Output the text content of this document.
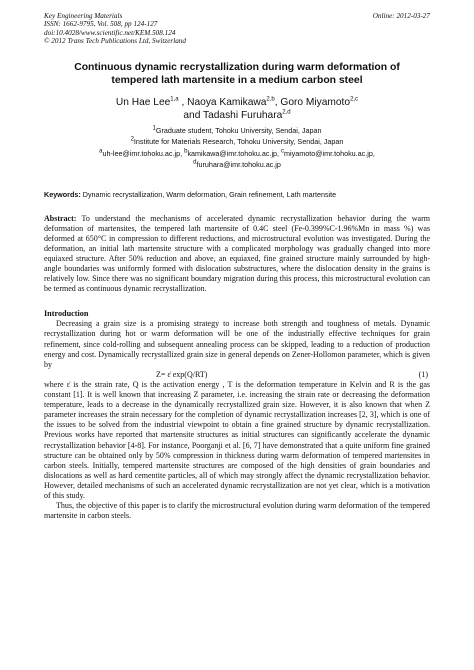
Key Engineering Materials
ISSN: 1662-9795, Vol. 508, pp 124-127
doi:10.4028/www.scientific.net/KEM.508.124
© 2012 Trans Tech Publications Ltd, Switzerland
Online: 2012-03-27
Continuous dynamic recrystallization during warm deformation of
tempered lath martensite in a medium carbon steel
Un Hae Lee$^{1,a}$ , Naoya Kamikawa$^{2,b}$, Goro Miyamoto$^{2,c}$
and Tadashi Furuhara$^{2,d}$
$^1$Graduate student, Tohoku University, Sendai, Japan
$^2$Institute for Materials Research, Tohoku University, Sendai, Japan
$^a$uh-lee@imr.tohoku.ac.jp, $^b$kamikawa@imr.tohoku.ac.jp, $^c$miyamoto@imr.tohoku.ac.jp,
$^d$furuhara@imr.tohoku.ac.jp
Keywords: Dynamic recrystallization, Warm deformation, Grain refinement, Lath martensite
Abstract: To understand the mechanisms of accelerated dynamic recrystallization behavior during the warm deformation of martensites, the tempered lath martensite of 0.4C steel (Fe-0.399%C-1.96%Mn in mass %) was deformed at 650°C in compression to different reductions, and microstructural evolution was investigated. During the deformation, an initial lath martensite structure with a complicated morphology was gradually changed into more equiaxed structure. After 50% reduction and above, an equiaxed, fine grained structure mainly surrounded by high-angle boundaries was uniformly formed with dislocation substructures, where the dislocation density in the grains is relatively low. Since there was no significant boundary migration during this process, this microstructural evolution can be termed as continuous dynamic recrystallization.
Introduction

Decreasing a grain size is a promising strategy to increase both strength and toughness of metals. Dynamic recrystallization during hot or warm deformation will be one of the industrially effective techniques for grain refinement, since cold-rolling and subsequent annealing process can be skipped, leading to a reduction of production energy and cost. Dynamically recrystallized grain size in general depends on Zener-Hollomon parameter, which is given by

Z= ε̇ exp(Q/RT)	(1)

where ε̇ is the strain rate, Q is the activation energy , T is the deformation temperature in Kelvin and R is the gas constant [1]. It is well known that increasing Z parameter, i.e. increasing the strain rate or decreasing the deformation temperature, leads to a decrease in the dynamically recrystallized grain size. However, it is also known that when Z parameter increases the strain necessary for the completion of dynamic recrystallization increases [2, 3], which is one of the issues to be solved from the industrial viewpoint to obtain a fine grained structure by dynamic recrystallization. Previous works have reported that martensite structures as initial structures can significantly accelerate the dynamic recrystallization behavior [4-8]. For instance, Poorganji et al. [6, 7] have demonstrated that a quite uniform fine grained structure can be obtained only by 50% compression in thickness during warm deformation of tempered martensites in carbon steels. Initially, tempered martensite structures are composed of the high densities of grain boundaries and dislocations as well as hard cementite particles, all of which may strongly affect the dynamic recrystallization behavior. However, detailed mechanisms of such an accelerated dynamic recrystallization are not yet clear, which is a motivation of this study.

Thus, the objective of this paper is to clarify the microstructural evolution during warm deformation of the tempered martensite in carbon steels.
